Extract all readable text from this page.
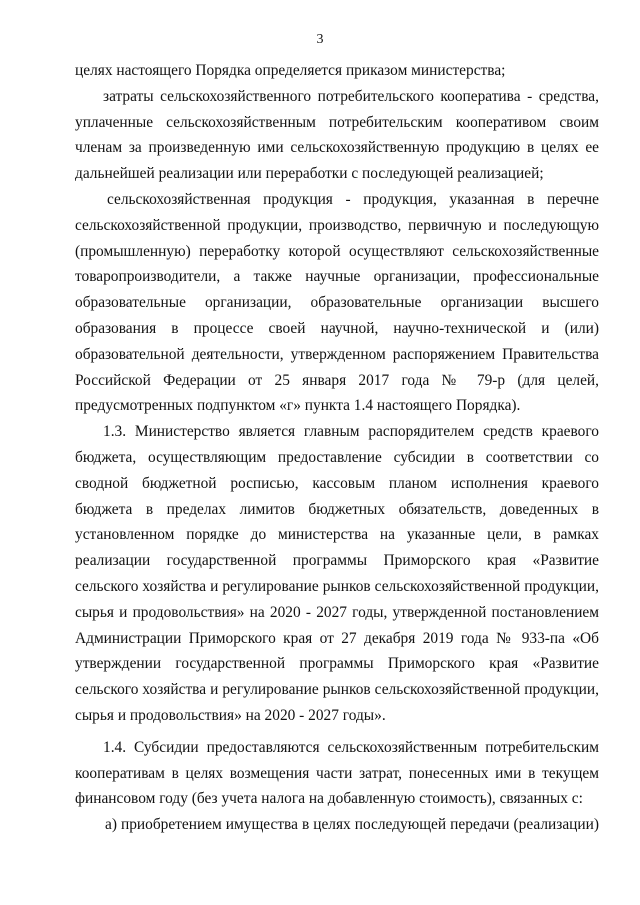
3

целях настоящего Порядка определяется приказом министерства;

затраты сельскохозяйственного потребительского кооператива - средства, уплаченные сельскохозяйственным потребительским кооперативом своим членам за произведенную ими сельскохозяйственную продукцию в целях ее дальнейшей реализации или переработки с последующей реализацией;

сельскохозяйственная продукция - продукция, указанная в перечне сельскохозяйственной продукции, производство, первичную и последующую (промышленную) переработку которой осуществляют сельскохозяйственные товаропроизводители, а также научные организации, профессиональные образовательные организации, образовательные организации высшего образования в процессе своей научной, научно-технической и (или) образовательной деятельности, утвержденном распоряжением Правительства Российской Федерации от 25 января 2017 года № 79-р (для целей, предусмотренных подпунктом «г» пункта 1.4 настоящего Порядка).

1.3. Министерство является главным распорядителем средств краевого бюджета, осуществляющим предоставление субсидии в соответствии со сводной бюджетной росписью, кассовым планом исполнения краевого бюджета в пределах лимитов бюджетных обязательств, доведенных в установленном порядке до министерства на указанные цели, в рамках реализации государственной программы Приморского края «Развитие сельского хозяйства и регулирование рынков сельскохозяйственной продукции, сырья и продовольствия» на 2020 - 2027 годы, утвержденной постановлением Администрации Приморского края от 27 декабря 2019 года № 933-па «Об утверждении государственной программы Приморского края «Развитие сельского хозяйства и регулирование рынков сельскохозяйственной продукции, сырья и продовольствия» на 2020 - 2027 годы».

1.4. Субсидии предоставляются сельскохозяйственным потребительским кооперативам в целях возмещения части затрат, понесенных ими в текущем финансовом году (без учета налога на добавленную стоимость), связанных с:

а) приобретением имущества в целях последующей передачи (реализации)
